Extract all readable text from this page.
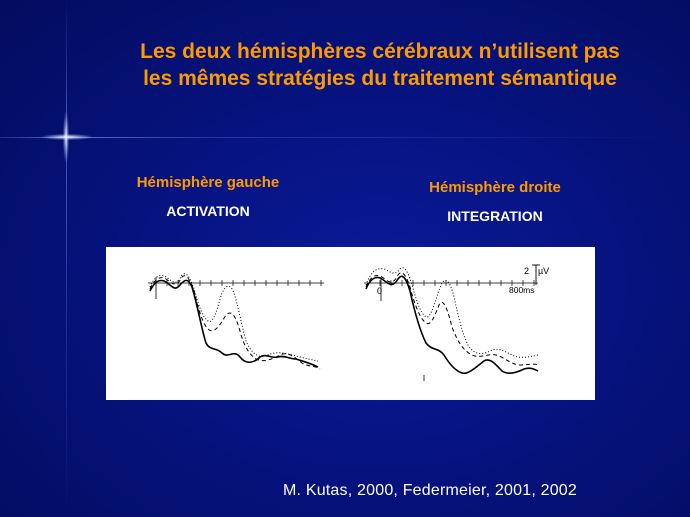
Les deux hémisphères cérébraux n’utilisent pas
les mêmes stratégies du traitement sémantique
Hémisphère gauche
ACTIVATION
Hémisphère droite
INTEGRATION
2 µV
800ms
0
M. Kutas, 2000, Federmeier, 2001, 2002
